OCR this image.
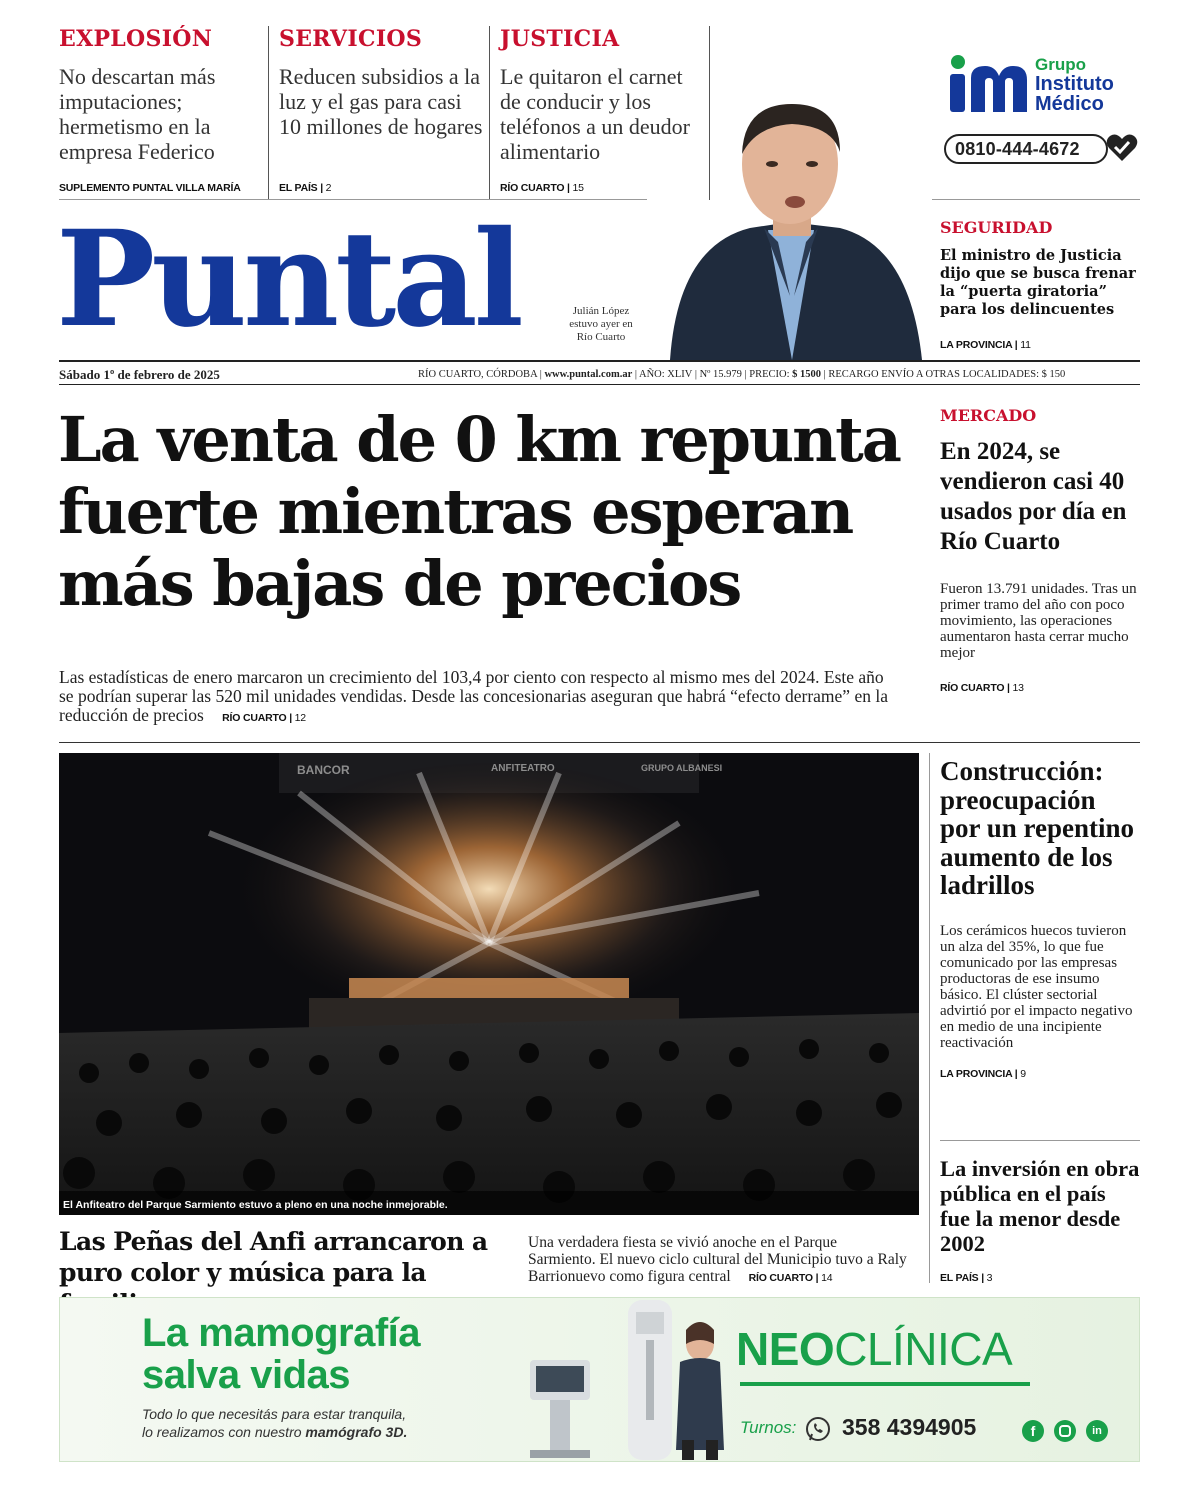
EXPLOSIÓN
No descartan más imputaciones; hermetismo en la empresa Federico
SUPLEMENTO PUNTAL VILLA MARÍA
SERVICIOS
Reducen subsidios a la luz y el gas para casi 10 millones de hogares
EL PAÍS | 2
JUSTICIA
Le quitaron el carnet de conducir y los teléfonos a un deudor alimentario
RÍO CUARTO | 15
Grupo
Instituto
Médico
0810-444-4672
Puntal	Julián López
estuvo ayer en
Río Cuarto
SEGURIDAD
El ministro de Justicia dijo que se busca frenar la “puerta giratoria” para los delincuentes
LA PROVINCIA | 11
Sábado 1º de febrero de 2025	RÍO CUARTO, CÓRDOBA | www.puntal.com.ar | AÑO: XLIV | Nº 15.979 | PRECIO: $ 1500 | RECARGO ENVÍO A OTRAS LOCALIDADES: $ 150
La venta de 0 km repunta
fuerte mientras esperan
más bajas de precios
Las estadísticas de enero marcaron un crecimiento del 103,4 por ciento con respecto al mismo mes del 2024. Este año se podrían superar las 520 mil unidades vendidas. Desde las concesionarias aseguran que habrá “efecto derrame” en la reducción de precios RÍO CUARTO | 12
MERCADO
En 2024, se vendieron casi 40 usados por día en Río Cuarto
Fueron 13.791 unidades. Tras un primer tramo del año con poco movimiento, las operaciones aumentaron hasta cerrar mucho mejor
RÍO CUARTO | 13
BANCOR	ANFITEATRO	GRUPO ALBANESI
El Anfiteatro del Parque Sarmiento estuvo a pleno en una noche inmejorable.
Las Peñas del Anfi arrancaron a puro color y música para la
Una verdadera fiesta se vivió anoche en el Parque Sarmiento. El nuevo ciclo cultural del Municipio tuvo a Raly Barrionuevo como figura central RÍO CUARTO | 14
Construcción: preocupación por un repentino aumento de los ladrillos
Los cerámicos huecos tuvieron un alza del 35%, lo que fue comunicado por las empresas productoras de ese insumo básico. El clúster sectorial advirtió por el impacto negativo en medio de una incipiente reactivación
LA PROVINCIA | 9
La inversión en obra pública en el país fue la menor desde 2002
EL PAÍS | 3
La mamografía
salva vidas
Todo lo que necesitás para estar tranquila,
lo realizamos con nuestro mamógrafo 3D.
NEOCLÍNICA
Turnos: 358 4394905	f	in
